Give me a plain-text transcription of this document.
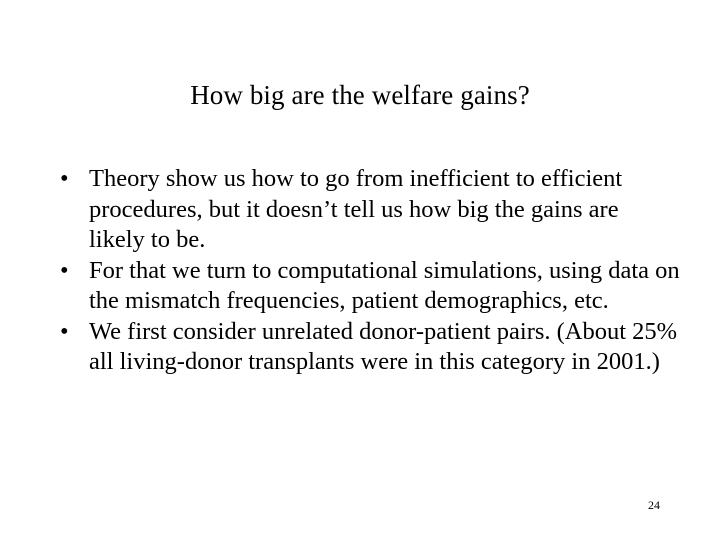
How big are the welfare gains?
• Theory show us how to go from inefficient to efficient procedures, but it doesn’t tell us how big the gains are likely to be.
• For that we turn to computational simulations, using data on the mismatch frequencies, patient demographics, etc.
• We first consider unrelated donor-patient pairs. (About 25% all living-donor transplants were in this category in 2001.)
24
